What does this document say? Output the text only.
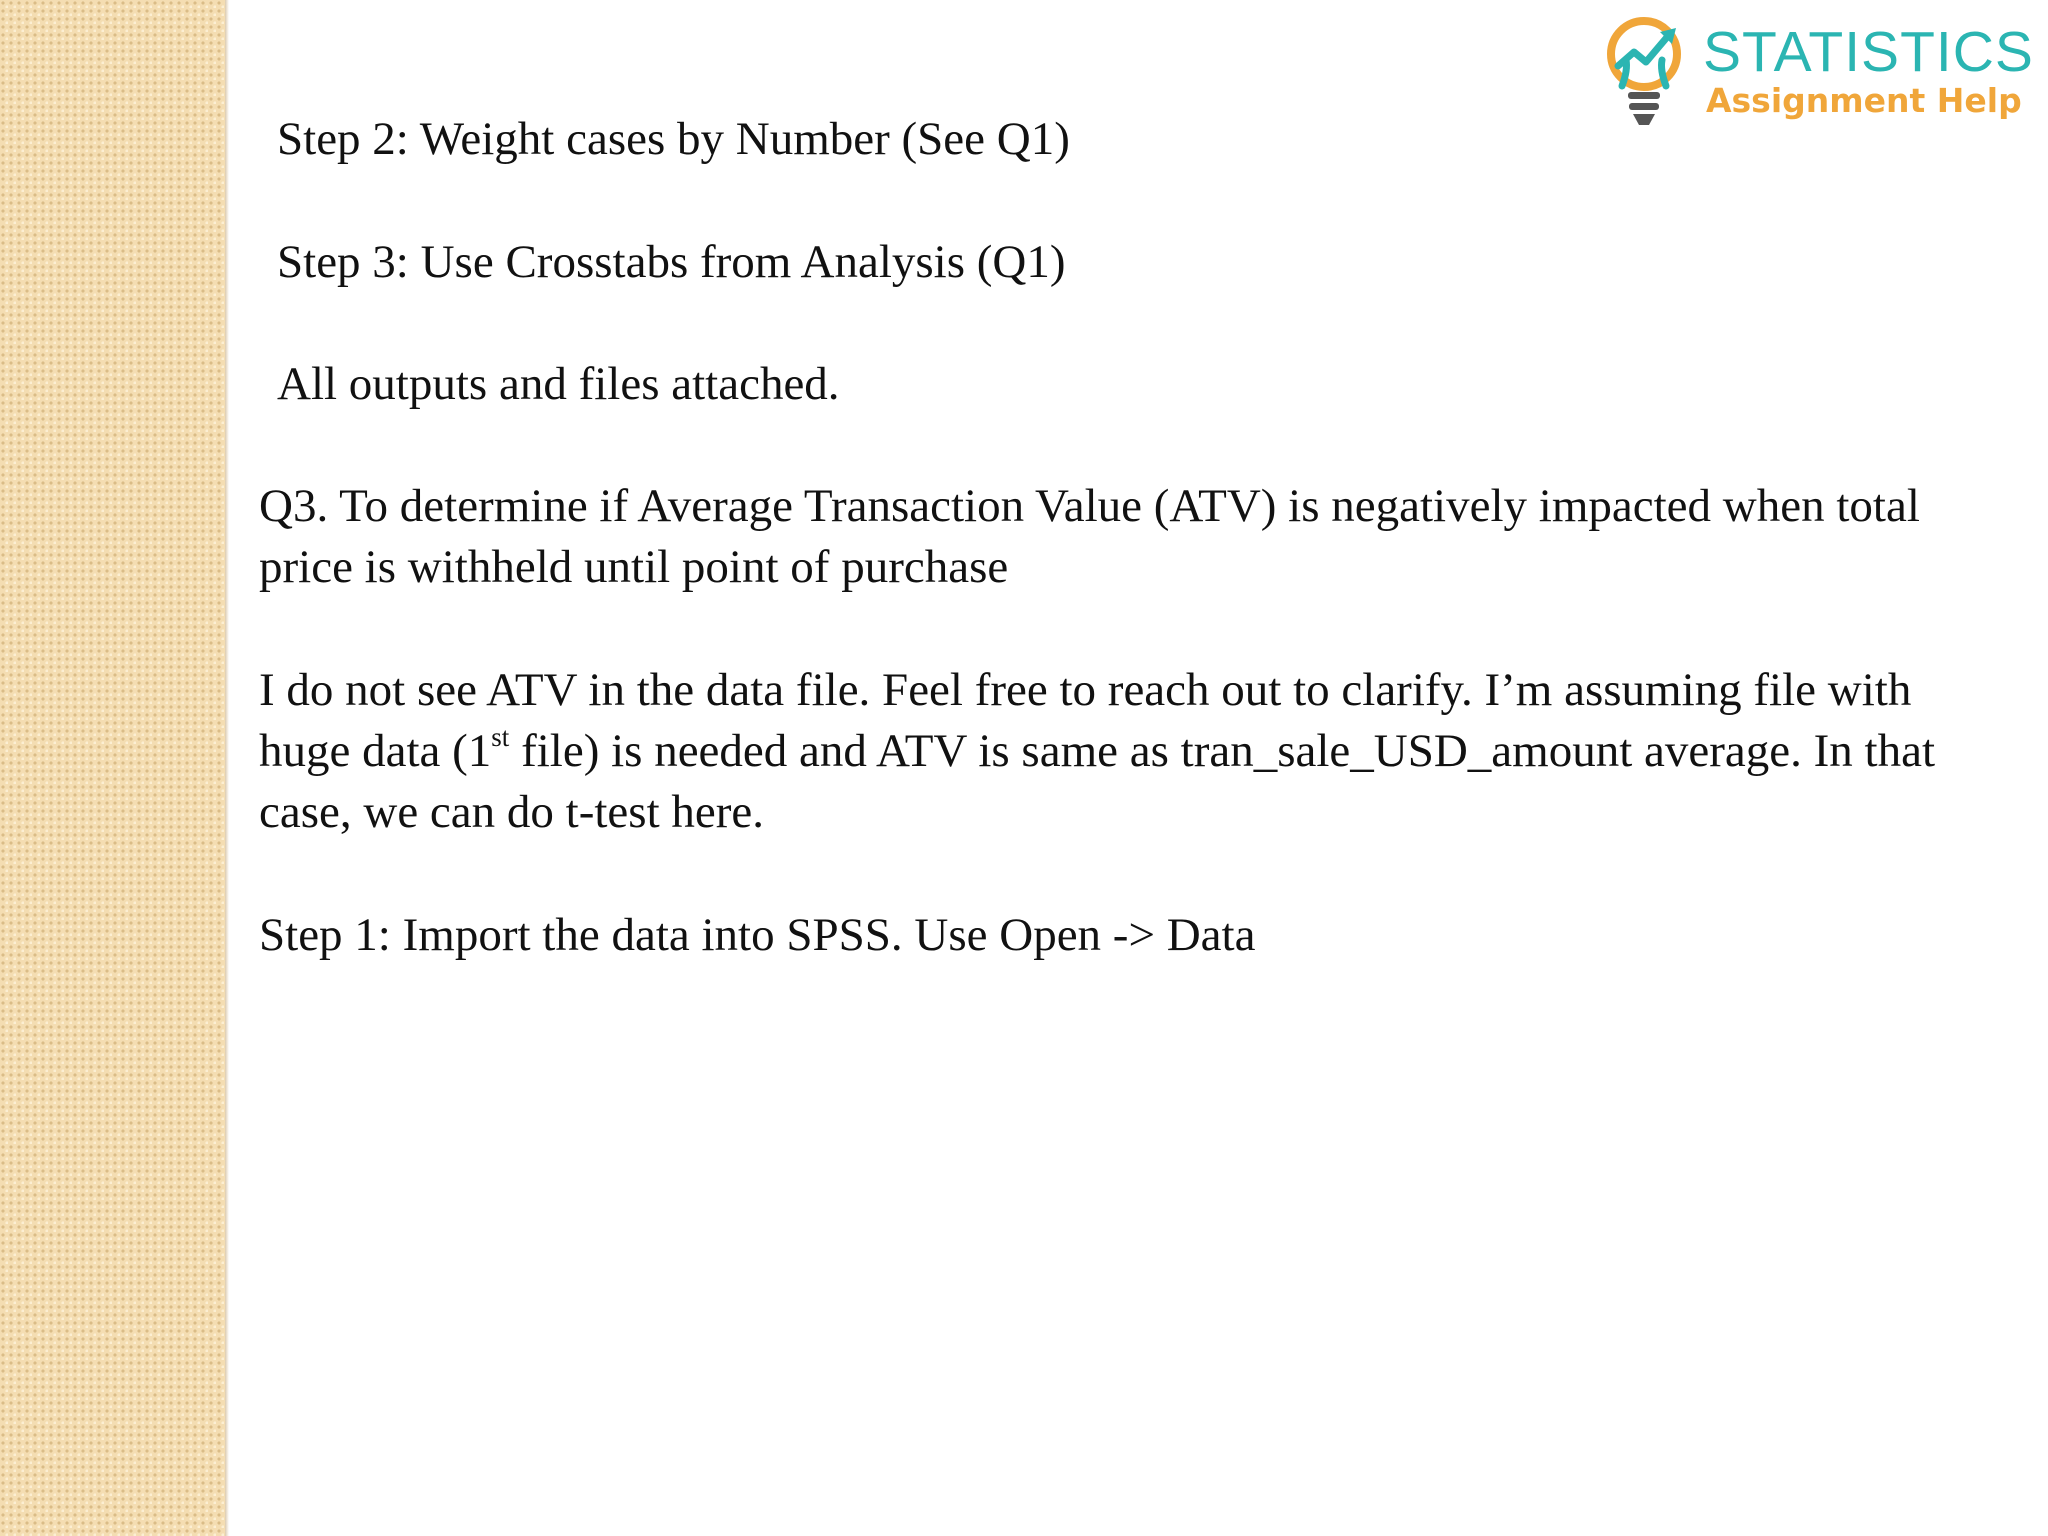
STATISTICS
Assignment Help

Step 2: Weight cases by Number (See Q1)

Step 3: Use Crosstabs from Analysis (Q1)

All outputs and files attached.

Q3. To determine if Average Transaction Value (ATV) is negatively impacted when total

price is withheld until point of purchase

I do not see ATV in the data file. Feel free to reach out to clarify. I’m assuming file with

huge data (1st file) is needed and ATV is same as tran_sale_USD_amount average. In that

case, we can do t-test here.

Step 1: Import the data into SPSS. Use Open -> Data
